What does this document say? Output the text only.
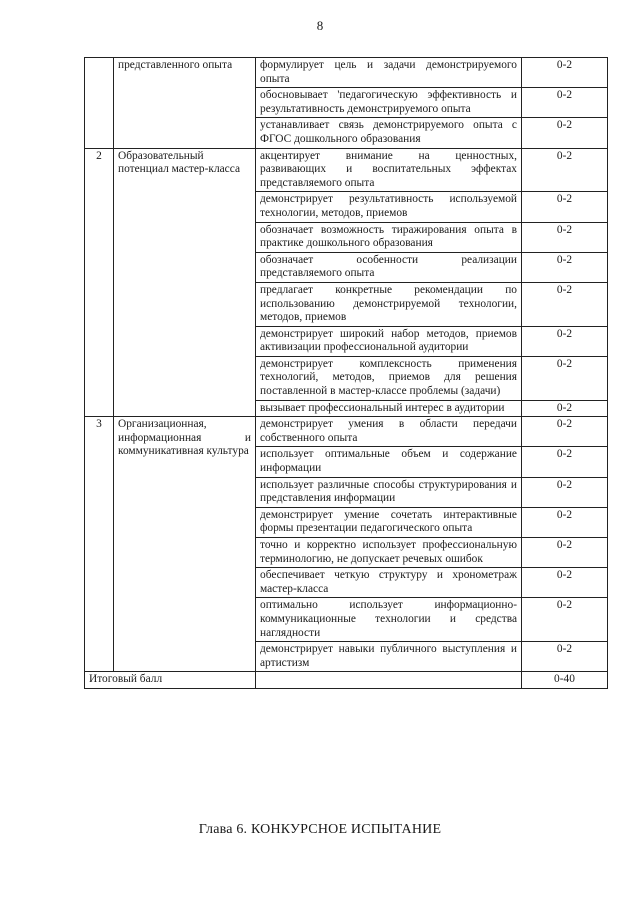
8
	представленного опыта	формулирует цель и задачи демонстрируемого опыта	0-2
		обосновывает 'педагогическую эффективность и результативность демонстрируемого опыта	0-2
		устанавливает связь демонстрируемого опыта с ФГОС дошкольного образования	0-2
2	Образовательный потенциал мастер-класса	акцентирует внимание на ценностных, развивающих и воспитательных эффектах представляемого опыта	0-2
		демонстрирует результативность используемой технологии, методов, приемов	0-2
		обозначает возможность тиражирования опыта в практике дошкольного образования	0-2
		обозначает особенности реализации представляемого опыта	0-2
		предлагает конкретные рекомендации по использованию демонстрируемой технологии, методов, приемов	0-2
		демонстрирует широкий набор методов, приемов активизации профессиональной аудитории	0-2
		демонстрирует комплексность применения технологий, методов, приемов для решения поставленной в мастер-классе проблемы (задачи)	0-2
		вызывает профессиональный интерес в аудитории	0-2
3	Организационная, информационная и коммуникативная культура	демонстрирует умения в области передачи собственного опыта	0-2
		использует оптимальные объем и содержание информации	0-2
		использует различные способы структурирования и представления информации	0-2
		демонстрирует умение сочетать интерактивные формы презентации педагогического опыта	0-2
		точно и корректно использует профессиональную терминологию, не допускает речевых ошибок	0-2
		обеспечивает четкую структуру и хронометраж мастер-класса	0-2
		оптимально использует информационно-коммуникационные технологии и средства наглядности	0-2
		демонстрирует навыки публичного выступления и артистизм	0-2
Итоговый балл			0-40
Глава 6. КОНКУРСНОЕ ИСПЫТАНИЕ
